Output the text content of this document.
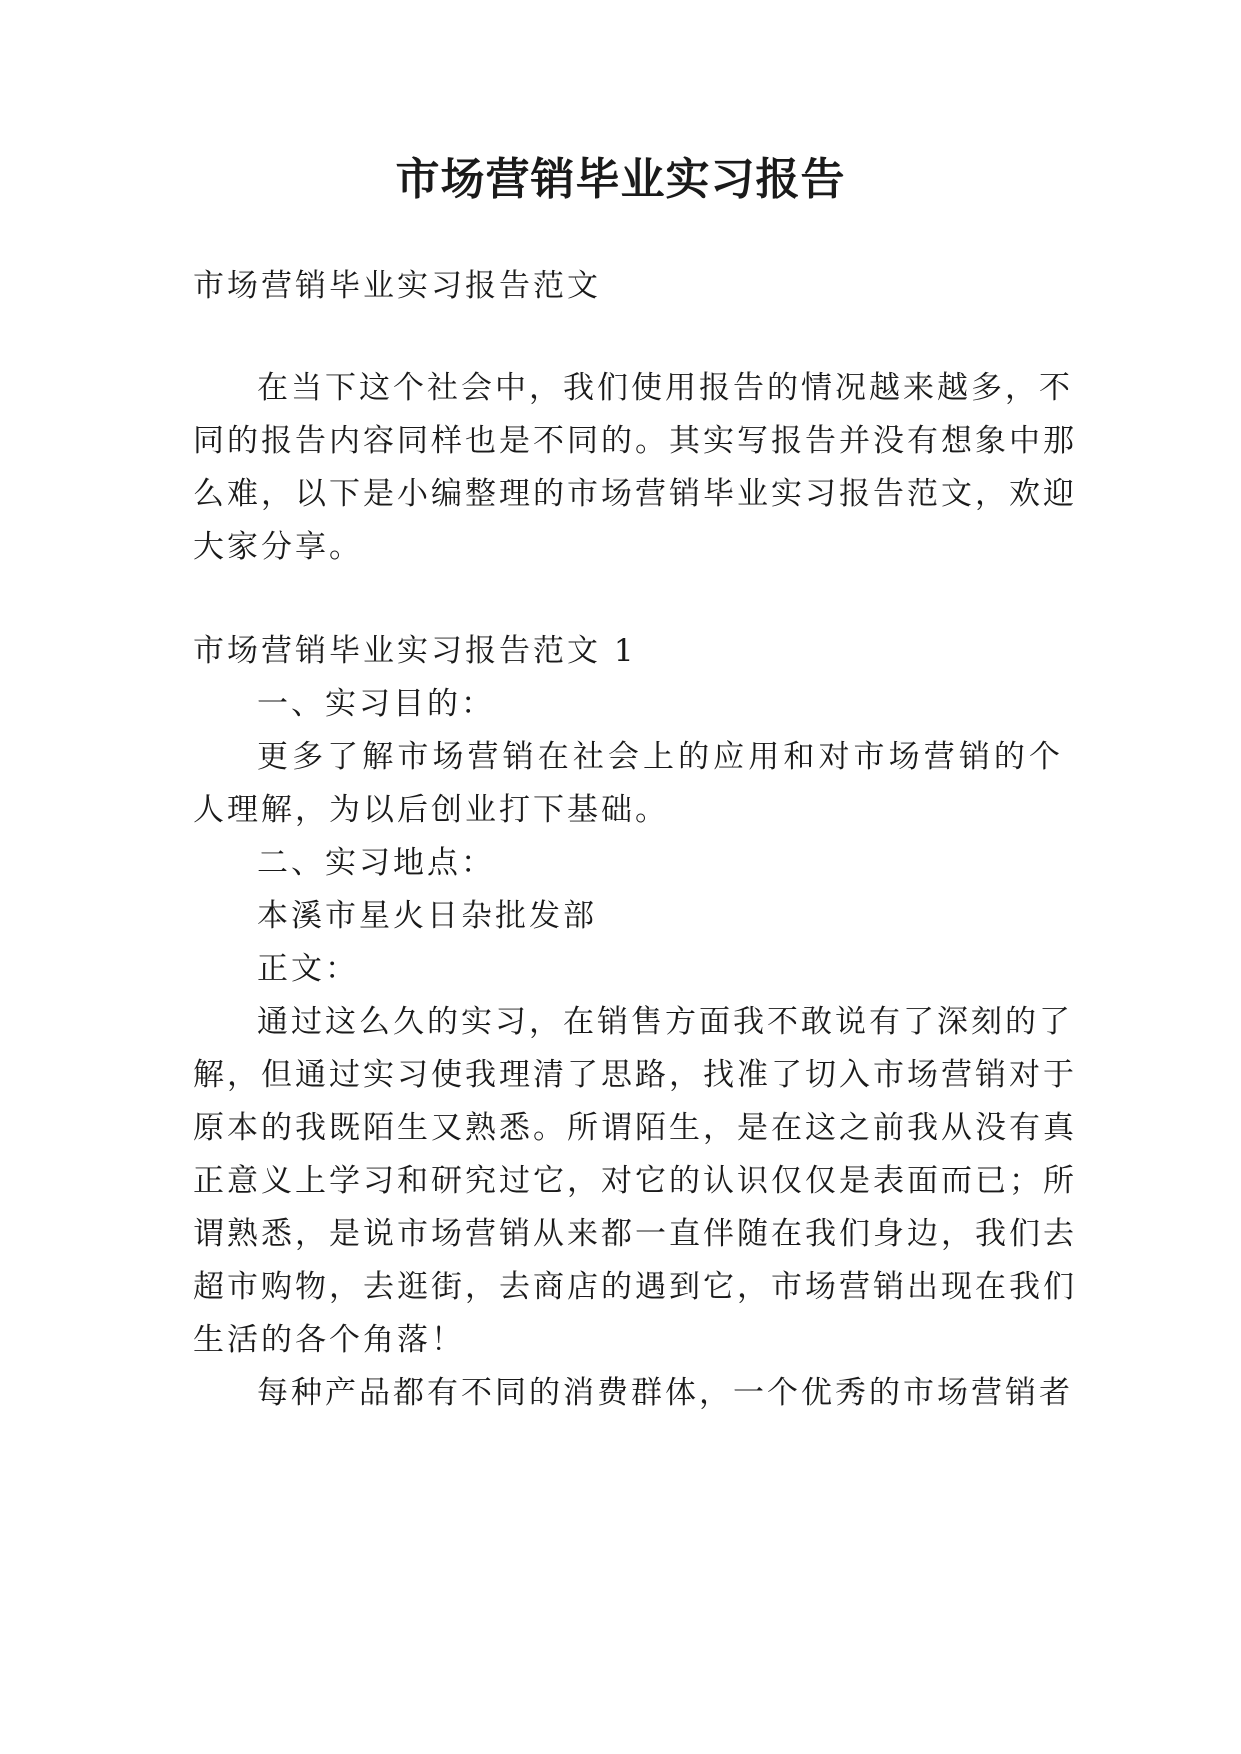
市场营销毕业实习报告
市场营销毕业实习报告范文
在当下这个社会中，我们使用报告的情况越来越多，不
同的报告内容同样也是不同的。其实写报告并没有想象中那
么难，以下是小编整理的市场营销毕业实习报告范文，欢迎
大家分享。
市场营销毕业实习报告范文 1
一、实习目的：
更多了解市场营销在社会上的应用和对市场营销的个
人理解，为以后创业打下基础。
二、实习地点：
本溪市星火日杂批发部
正文：
通过这么久的实习，在销售方面我不敢说有了深刻的了
解，但通过实习使我理清了思路，找准了切入市场营销对于
原本的我既陌生又熟悉。所谓陌生，是在这之前我从没有真
正意义上学习和研究过它，对它的认识仅仅是表面而已；所
谓熟悉，是说市场营销从来都一直伴随在我们身边，我们去
超市购物，去逛街，去商店的遇到它，市场营销出现在我们
生活的各个角落！
每种产品都有不同的消费群体，一个优秀的市场营销者
